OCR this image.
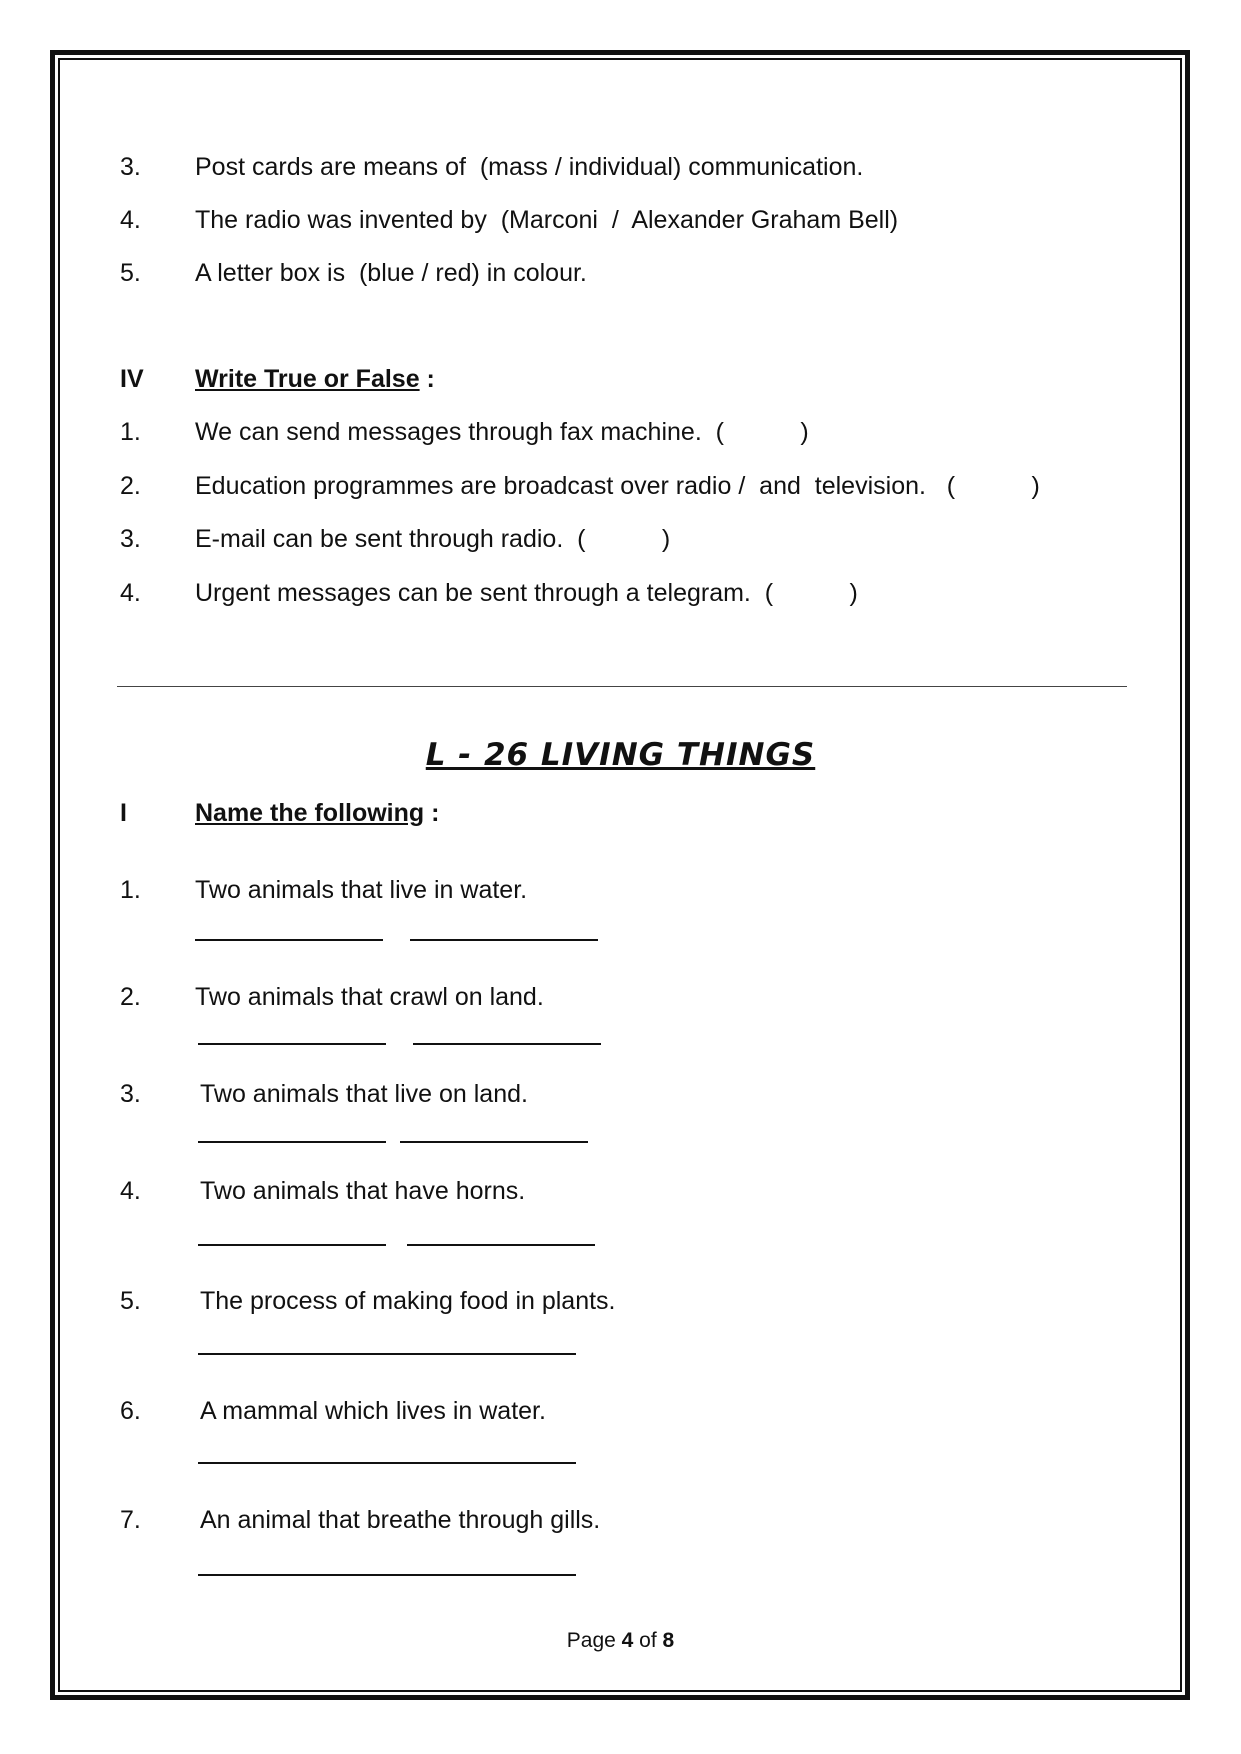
3. Post cards are means of  (mass / individual) communication.
4. The radio was invented by  (Marconi  /  Alexander Graham Bell)
5. A letter box is  (blue / red) in colour.
IV Write True or False :
1. We can send messages through fax machine.  (           )
2. Education programmes are broadcast over radio /  and  television.   (           )
3. E-mail can be sent through radio.  (           )
4. Urgent messages can be sent through a telegram.  (           )
L - 26 LIVING THINGS
I	Name the following :
1. Two animals that live in water.
2. Two animals that crawl on land.
3. Two animals that live on land.
4. Two animals that have horns.
5. The process of making food in plants.
6. A mammal which lives in water.
7. An animal that breathe through gills.
Page 4 of 8
